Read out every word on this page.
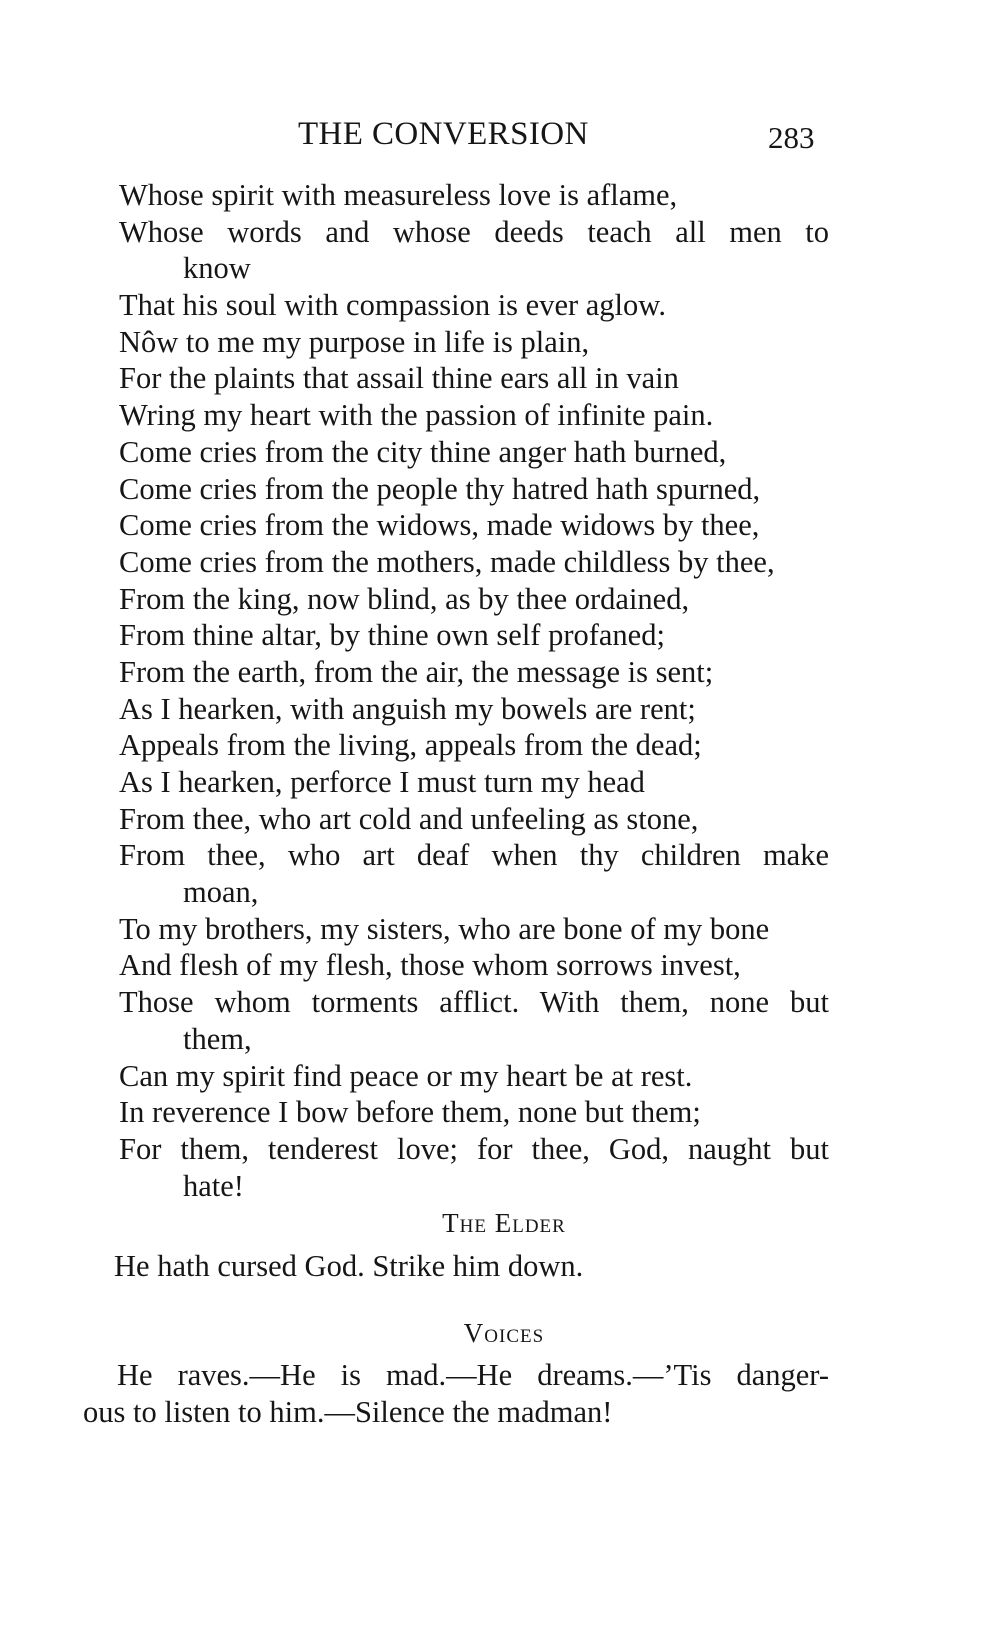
THE CONVERSION	283
Whose spirit with measureless love is aflame,
Whose words and whose deeds teach all men to
know
That his soul with compassion is ever aglow.
Nôw to me my purpose in life is plain,
For the plaints that assail thine ears all in vain
Wring my heart with the passion of infinite pain.
Come cries from the city thine anger hath burned,
Come cries from the people thy hatred hath spurned,
Come cries from the widows, made widows by thee,
Come cries from the mothers, made childless by thee,
From the king, now blind, as by thee ordained,
From thine altar, by thine own self profaned;
From the earth, from the air, the message is sent;
As I hearken, with anguish my bowels are rent;
Appeals from the living, appeals from the dead;
As I hearken, perforce I must turn my head
From thee, who art cold and unfeeling as stone,
From thee, who art deaf when thy children make
moan,
To my brothers, my sisters, who are bone of my bone
And flesh of my flesh, those whom sorrows invest,
Those whom torments afflict. With them, none but
them,
Can my spirit find peace or my heart be at rest.
In reverence I bow before them, none but them;
For them, tenderest love; for thee, God, naught but
hate!
The Elder
He hath cursed God. Strike him down.
Voices
He raves.—He is mad.—He dreams.—’Tis danger-
ous to listen to him.—Silence the madman!
